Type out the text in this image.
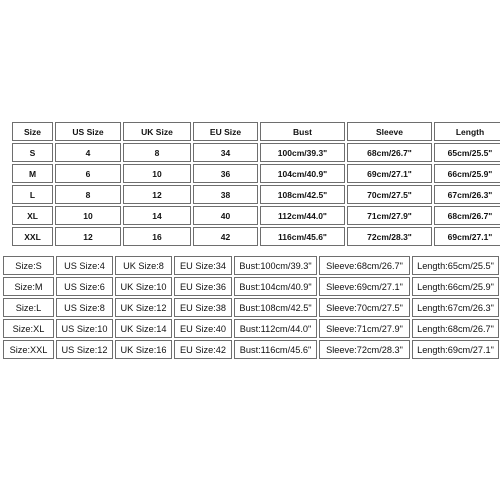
Size	US Size	UK Size	EU Size	Bust	Sleeve	Length
S	4	8	34	100cm/39.3"	68cm/26.7"	65cm/25.5"
M	6	10	36	104cm/40.9"	69cm/27.1"	66cm/25.9"
L	8	12	38	108cm/42.5"	70cm/27.5"	67cm/26.3"
XL	10	14	40	112cm/44.0"	71cm/27.9"	68cm/26.7"
XXL	12	16	42	116cm/45.6"	72cm/28.3"	69cm/27.1"
Size:S	US Size:4	UK Size:8	EU Size:34	Bust:100cm/39.3"	Sleeve:68cm/26.7"	Length:65cm/25.5"
Size:M	US Size:6	UK Size:10	EU Size:36	Bust:104cm/40.9"	Sleeve:69cm/27.1"	Length:66cm/25.9"
Size:L	US Size:8	UK Size:12	EU Size:38	Bust:108cm/42.5"	Sleeve:70cm/27.5"	Length:67cm/26.3"
Size:XL	US Size:10	UK Size:14	EU Size:40	Bust:112cm/44.0"	Sleeve:71cm/27.9"	Length:68cm/26.7"
Size:XXL	US Size:12	UK Size:16	EU Size:42	Bust:116cm/45.6"	Sleeve:72cm/28.3"	Length:69cm/27.1"
